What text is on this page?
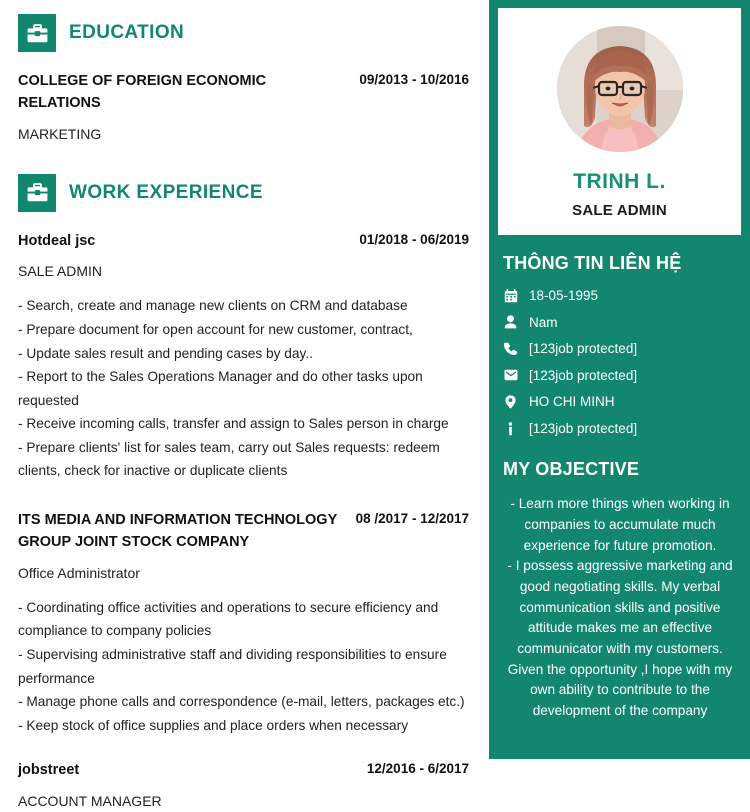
EDUCATION
COLLEGE OF FOREIGN ECONOMIC RELATIONS
09/2013 - 10/2016
MARKETING
WORK EXPERIENCE
Hotdeal jsc	01/2018 - 06/2019
SALE ADMIN
- Search, create and manage new clients on CRM and database
- Prepare document for open account for new customer, contract,
- Update sales result and pending cases by day..
- Report to the Sales Operations Manager and do other tasks upon requested
- Receive incoming calls, transfer and assign to Sales person in charge
- Prepare clients' list for sales team, carry out Sales requests: redeem clients, check for inactive or duplicate clients
ITS MEDIA AND INFORMATION TECHNOLOGY GROUP JOINT STOCK COMPANY
08 /2017 - 12/2017
Office Administrator
- Coordinating office activities and operations to secure efficiency and compliance to company policies
- Supervising administrative staff and dividing responsibilities to ensure performance
- Manage phone calls and correspondence (e-mail, letters, packages etc.)
- Keep stock of office supplies and place orders when necessary
jobstreet	12/2016 - 6/2017
ACCOUNT MANAGER
TRINH L.
SALE ADMIN
THÔNG TIN LIÊN HỆ
18-05-1995
Nam
[123job protected]
[123job protected]
HO CHI MINH
[123job protected]
MY OBJECTIVE

- Learn more things when working in companies to accumulate much experience for future promotion.

- I possess aggressive marketing and good negotiating skills. My verbal communication skills and positive attitude makes me an effective communicator with my customers. Given the opportunity ,I hope with my own ability to contribute to the development of the company
